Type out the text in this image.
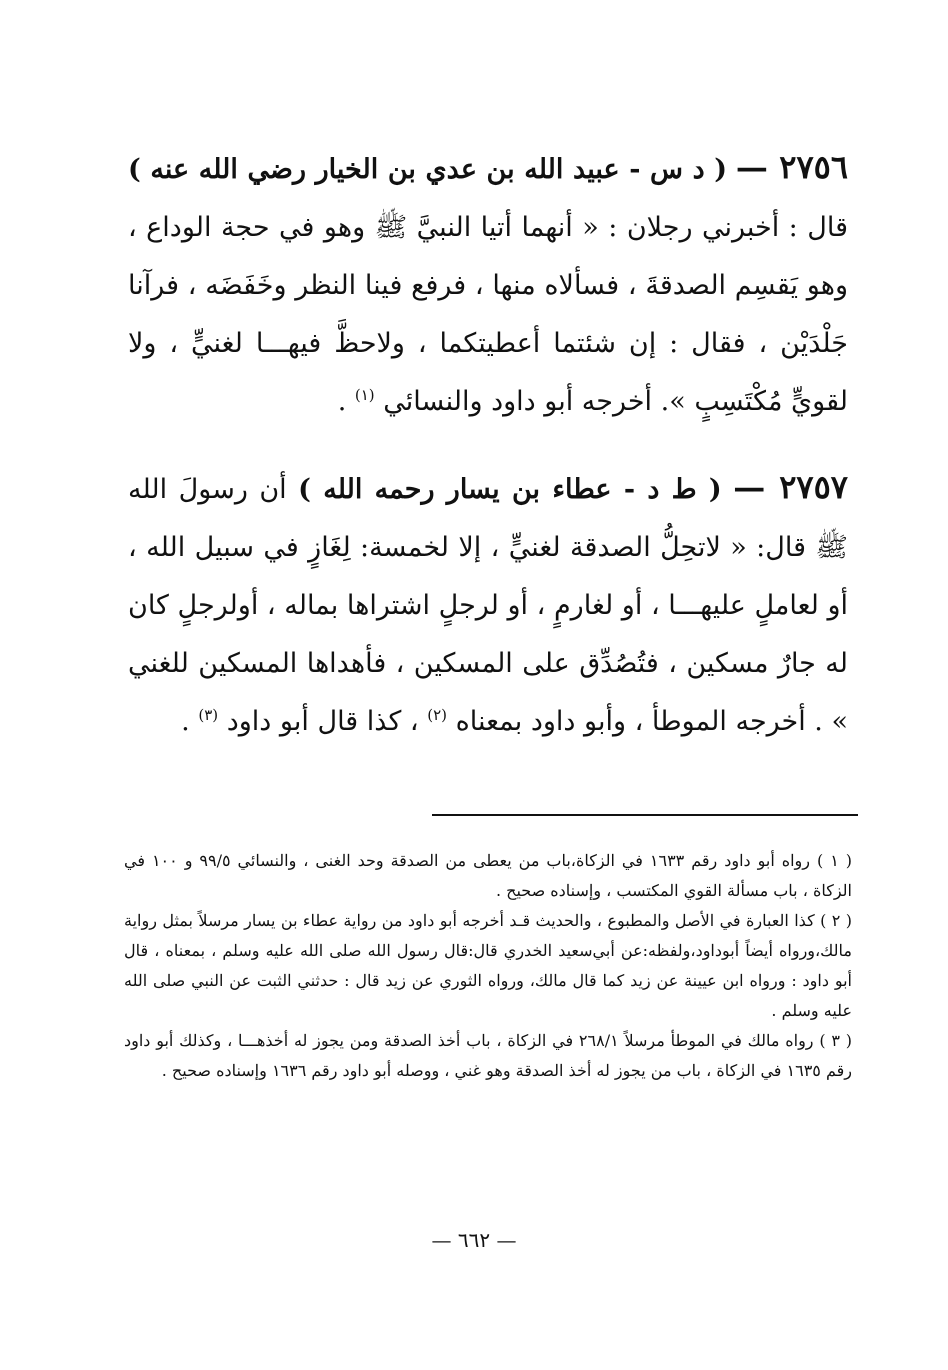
٢٧٥٦ — ( د س - عبيد الله بن عدي بن الخيار رضي الله عنه ) قال : أخبرني رجلان : « أنهما أتيا النبيَّ ﷺ وهو في حجة الوداع ، وهو يَقسِم الصدقةَ ، فسألاه منها ، فرفع فينا النظر وخَفَضَه ، فرآنا جَلْدَيْن ، فقال : إن شئتما أعطيتكما ، ولاحظَّ فيهـــا لغنيٍّ ، ولا لقويٍّ مُكْتَسِبٍ ». أخرجه أبو داود والنسائي $^{(١)}$ .
٢٧٥٧ — ( ط د - عطاء بن يسار رحمه الله ) أن رسولَ الله ﷺ قال: « لاتحِلُّ الصدقة لغنيٍّ ، إلا لخمسة: لِغَازٍ في سبيل الله ، أو لعاملٍ عليهـــا ، أو لغارمٍ ، أو لرجلٍ اشتراها بماله ، أولرجلٍ كان له جارٌ مسكين ، فتُصُدِّق على المسكين ، فأهداها المسكين للغني » . أخرجه الموطأ ، وأبو داود بمعناه $^{(٢)}$ ، كذا قال أبو داود $^{(٣)}$ .

( ١ ) رواه أبو داود رقم ١٦٣٣ في الزكاة،باب من يعطى من الصدقة وحد الغنى ، والنسائي ٩٩/٥ و ١٠٠ في الزكاة ، باب مسألة القوي المكتسب ، وإسناده صحيح .

( ٢ ) كذا العبارة في الأصل والمطبوع ، والحديث قـد أخرجه أبو داود من رواية عطاء بن يسار مرسلاً بمثل رواية مالك،ورواه أيضاً أبوداود،ولفظه:عن أبي‌سعيد الخدري قال:قال رسول الله صلى الله عليه وسلم ، بمعناه ، قال أبو داود : ورواه ابن عيينة عن زيد كما قال مالك، ورواه الثوري عن زيد قال : حدثني الثبت عن النبي صلى الله عليه وسلم .

( ٣ ) رواه مالك في الموطأ مرسلاً ٢٦٨/١ في الزكاة ، باب أخذ الصدقة ومن يجوز له أخذهـــا ، وكذلك أبو داود رقم ١٦٣٥ في الزكاة ، باب من يجوز له أخذ الصدقة وهو غني ، ووصله أبو داود رقم ١٦٣٦ وإسناده صحيح .

— ٦٦٢ —
